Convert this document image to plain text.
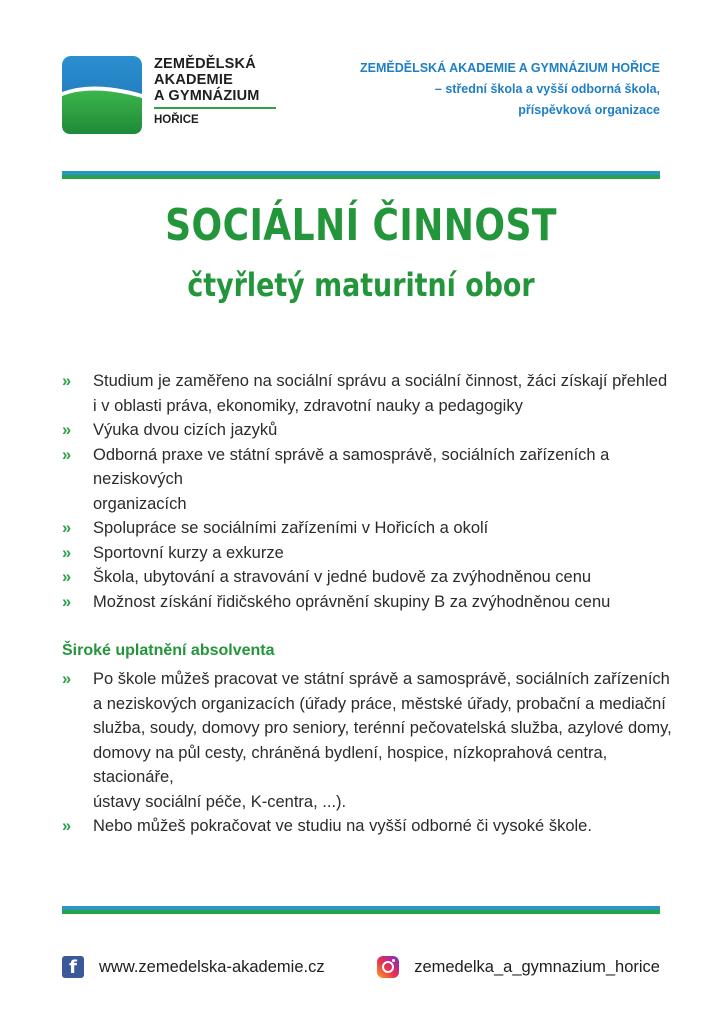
ZEMĚDĚLSKÁ
AKADEMIE
A GYMNÁZIUM
HOŘICE
ZEMĚDĚLSKÁ AKADEMIE A GYMNÁZIUM HOŘICE
– střední škola a vyšší odborná škola,
příspěvková organizace
SOCIÁLNÍ ČINNOST
čtyřletý maturitní obor
» Studium je zaměřeno na sociální správu a sociální činnost, žáci získají přehled
i v oblasti práva, ekonomiky, zdravotní nauky a pedagogiky
» Výuka dvou cizích jazyků
» Odborná praxe ve státní správě a samosprávě, sociálních zařízeních a neziskových
organizacích
» Spolupráce se sociálními zařízeními v Hořicích a okolí
» Sportovní kurzy a exkurze
» Škola, ubytování a stravování v jedné budově za zvýhodněnou cenu
» Možnost získání řidičského oprávnění skupiny B za zvýhodněnou cenu
Široké uplatnění absolventa
» Po škole můžeš pracovat ve státní správě a samosprávě, sociálních zařízeních
a neziskových organizacích (úřady práce, městské úřady, probační a mediační
služba, soudy, domovy pro seniory, terénní pečovatelská služba, azylové domy,
domovy na půl cesty, chráněná bydlení, hospice, nízkoprahová centra, stacionáře,
ústavy sociální péče, K-centra, ...).
» Nebo můžeš pokračovat ve studiu na vyšší odborné či vysoké škole.
f	www.zemedelska-akademie.cz	zemedelka_a_gymnazium_horice
